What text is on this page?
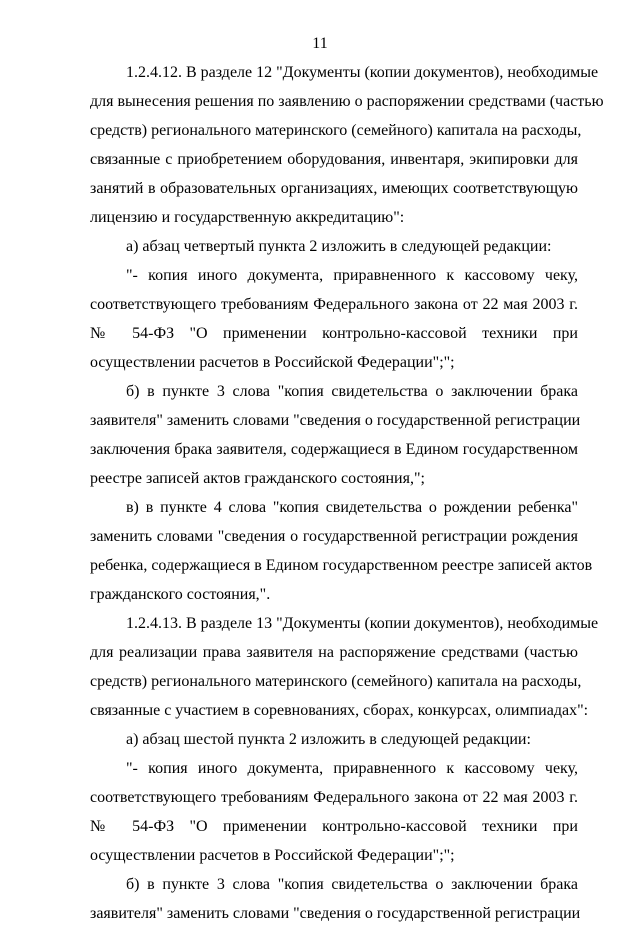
11
1.2.4.12. В разделе 12 "Документы (копии документов), необходимые
для вынесения решения по заявлению о распоряжении средствами (частью
средств) регионального материнского (семейного) капитала на расходы,
связанные с приобретением оборудования, инвентаря, экипировки для
занятий в образовательных организациях, имеющих соответствующую
лицензию и государственную аккредитацию":
а) абзац четвертый пункта 2 изложить в следующей редакции:
"- копия иного документа, приравненного к кассовому чеку,
соответствующего требованиям Федерального закона от 22 мая 2003 г.
№ 54-ФЗ "О применении контрольно-кассовой техники при
осуществлении расчетов в Российской Федерации";";
б) в пункте 3 слова "копия свидетельства о заключении брака
заявителя" заменить словами "сведения о государственной регистрации
заключения брака заявителя, содержащиеся в Едином государственном
реестре записей актов гражданского состояния,";
в) в пункте 4 слова "копия свидетельства о рождении ребенка"
заменить словами "сведения о государственной регистрации рождения
ребенка, содержащиеся в Едином государственном реестре записей актов
гражданского состояния,".
1.2.4.13. В разделе 13 "Документы (копии документов), необходимые
для реализации права заявителя на распоряжение средствами (частью
средств) регионального материнского (семейного) капитала на расходы,
связанные с участием в соревнованиях, сборах, конкурсах, олимпиадах":
а) абзац шестой пункта 2 изложить в следующей редакции:
"- копия иного документа, приравненного к кассовому чеку,
соответствующего требованиям Федерального закона от 22 мая 2003 г.
№ 54-ФЗ "О применении контрольно-кассовой техники при
осуществлении расчетов в Российской Федерации";";
б) в пункте 3 слова "копия свидетельства о заключении брака
заявителя" заменить словами "сведения о государственной регистрации
